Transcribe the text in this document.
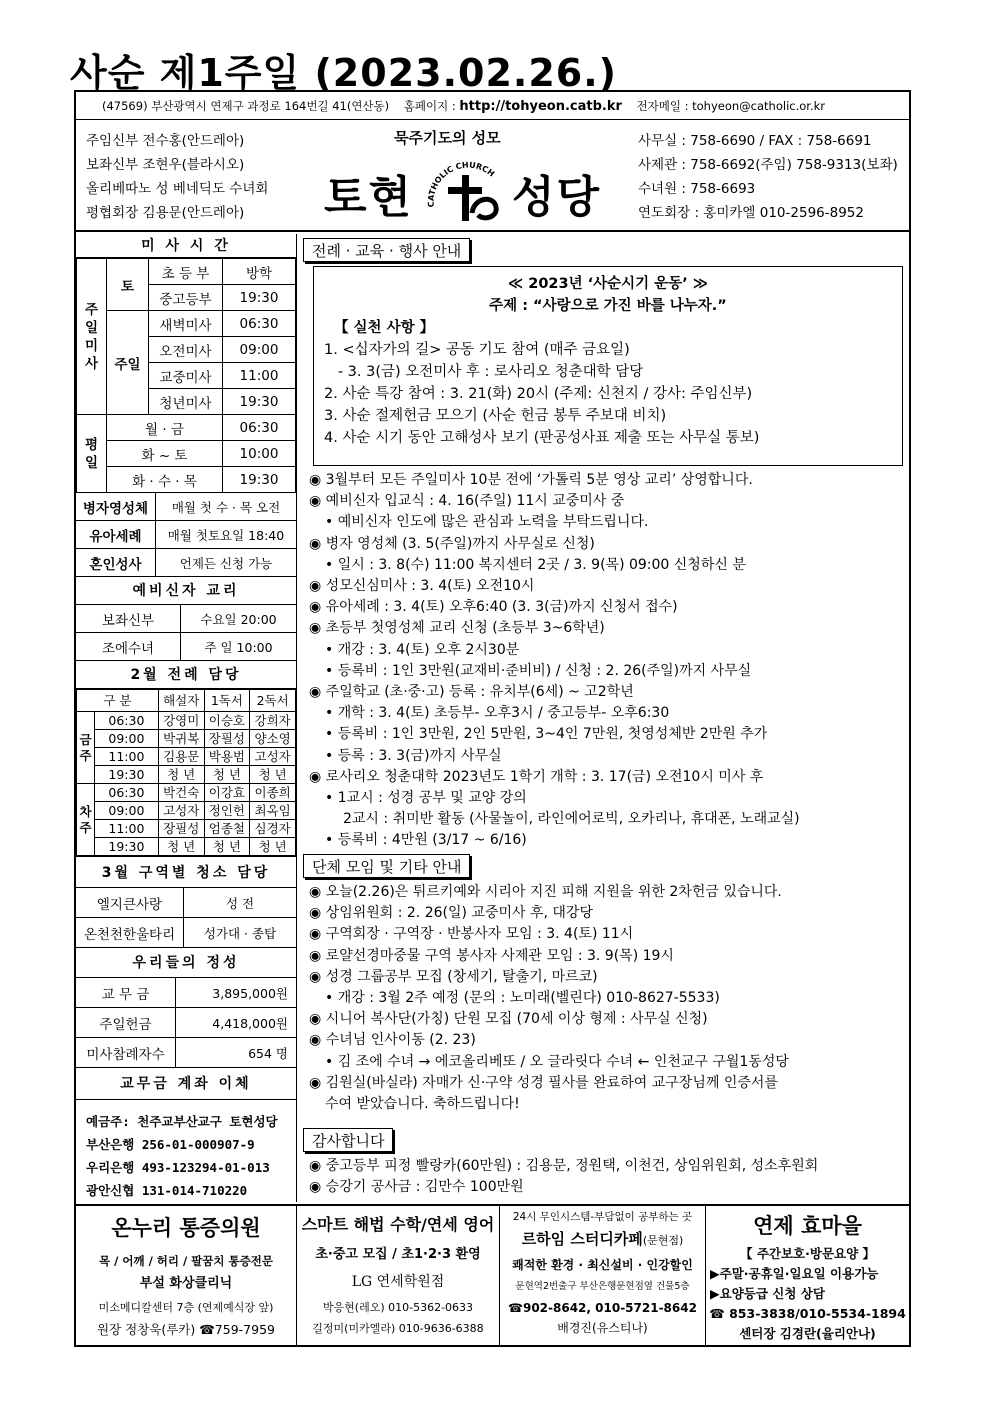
사순 제1주일 (2023.02.26.)
(47569) 부산광역시 연제구 과정로 164번길 41(연산동) 홈페이지 : http://tohyeon.catb.kr 전자메일 : tohyeon@catholic.or.kr
주임신부 전수홍(안드레아)
보좌신부 조현우(블라시오)
올리베따노 성 베네딕도 수녀회
평협회장 김용문(안드레아)
묵주기도의 성모
토현 CATHOLIC CHURCH 성당
사무실 : 758-6690 / FAX : 758-6691
사제관 : 758-6692(주임) 758-9313(보좌)
수녀원 : 758-6693
연도회장 : 홍미카엘 010-2596-8952
미 사 시 간
주
일
미
사	토	초 등 부	방학
		중고등부	19:30
	주일	새벽미사	06:30
		오전미사	09:00
		교중미사	11:00
		청년미사	19:30
평
일	월 · 금		06:30
	화 ~ 토		10:00
	화 · 수 · 목		19:30
병자영성체	매월 첫 수 · 목 오전
유아세례	매월 첫토요일 18:40
혼인성사	언제든 신청 가능
예비신자 교리
보좌신부	수요일 20:00
조에수녀	주 일 10:00
2월 전례 담당
구 분		해설자	1독서	2독서
금
주	06:30	강영미	이승호	강희자
	09:00	박귀복	장필성	양소영
	11:00	김용문	박용범	고성자
	19:30	청 년	청 년	청 년
차
주	06:30	박건숙	이강효	이종희
	09:00	고성자	정인헌	최옥임
	11:00	장필성	엄종철	심경자
	19:30	청 년	청 년	청 년
3월 구역별 청소 담당
엘지큰사랑	성 전
온천천한울타리	성가대 · 종탑
우리들의 정성
교 무 금	3,895,000원
주일헌금	4,418,000원
미사참례자수	654 명
교무금 계좌 이체
예금주: 천주교부산교구 토현성당
부산은행 256-01-000907-9
우리은행 493-123294-01-013
광안신협 131-014-710220
전례 · 교육 · 행사 안내
≪ 2023년 ‘사순시기 운동’ ≫
주제 : “사랑으로 가진 바를 나누자.”
【 실천 사항 】
1. <십자가의 길> 공동 기도 참여 (매주 금요일)
- 3. 3(금) 오전미사 후 : 로사리오 청춘대학 담당
2. 사순 특강 참여 : 3. 21(화) 20시 (주제: 신천지 / 강사: 주임신부)
3. 사순 절제헌금 모으기 (사순 헌금 봉투 주보대 비치)
4. 사순 시기 동안 고해성사 보기 (판공성사표 제출 또는 사무실 통보)
◉ 3월부터 모든 주일미사 10분 전에 ‘가톨릭 5분 영상 교리’ 상영합니다.
◉ 예비신자 입교식 : 4. 16(주일) 11시 교중미사 중
• 예비신자 인도에 많은 관심과 노력을 부탁드립니다.
◉ 병자 영성체 (3. 5(주일)까지 사무실로 신청)
• 일시 : 3. 8(수) 11:00 복지센터 2곳 / 3. 9(목) 09:00 신청하신 분
◉ 성모신심미사 : 3. 4(토) 오전10시
◉ 유아세례 : 3. 4(토) 오후6:40 (3. 3(금)까지 신청서 접수)
◉ 초등부 첫영성체 교리 신청 (초등부 3~6학년)
• 개강 : 3. 4(토) 오후 2시30분
• 등록비 : 1인 3만원(교재비·준비비) / 신청 : 2. 26(주일)까지 사무실
◉ 주일학교 (초·중·고) 등록 : 유치부(6세) ~ 고2학년
• 개학 : 3. 4(토) 초등부- 오후3시 / 중고등부- 오후6:30
• 등록비 : 1인 3만원, 2인 5만원, 3~4인 7만원, 첫영성체반 2만원 추가
• 등록 : 3. 3(금)까지 사무실
◉ 로사리오 청춘대학 2023년도 1학기 개학 : 3. 17(금) 오전10시 미사 후
• 1교시 : 성경 공부 및 교양 강의
2교시 : 취미반 활동 (사물놀이, 라인에어로빅, 오카리나, 휴대폰, 노래교실)
• 등록비 : 4만원 (3/17 ~ 6/16)
단체 모임 및 기타 안내
◉ 오늘(2.26)은 튀르키예와 시리아 지진 피해 지원을 위한 2차헌금 있습니다.
◉ 상임위원회 : 2. 26(일) 교중미사 후, 대강당
◉ 구역회장 · 구역장 · 반봉사자 모임 : 3. 4(토) 11시
◉ 로얄선경마중물 구역 봉사자 사제관 모임 : 3. 9(목) 19시
◉ 성경 그룹공부 모집 (창세기, 탈출기, 마르코)
• 개강 : 3월 2주 예정 (문의 : 노미래(벨린다) 010-8627-5533)
◉ 시니어 복사단(가칭) 단원 모집 (70세 이상 형제 : 사무실 신청)
◉ 수녀님 인사이동 (2. 23)
• 김 조에 수녀 → 에코올리베또 / 오 글라릿다 수녀 ← 인천교구 구월1동성당
◉ 김원실(바실라) 자매가 신·구약 성경 필사를 완료하여 교구장님께 인증서를
수여 받았습니다. 축하드립니다!
감사합니다
◉ 중고등부 피정 빨랑카(60만원) : 김용문, 정원택, 이천건, 상임위원회, 성소후원회
◉ 승강기 공사금 : 김만수 100만원
온누리 통증의원
목 / 어깨 / 허리 / 팔꿈치 통증전문
부설 화상클리닉
미소메디칼센터 7층 (연제예식장 앞)
원장 정창욱(루카) ☎759-7959
스마트 해법 수학/연세 영어
초·중고 모집 / 초1·2·3 환영
LG 연세학원점
박응현(레오) 010-5362-0633
길정미(미카엘라) 010-9636-6388
24시 무인시스템-부담없이 공부하는 곳
르하임 스터디카페(문현점)
쾌적한 환경 · 최신설비 · 인강할인
문현역2번출구 부산은행문현점옆 건물5층
☎902-8642, 010-5721-8642
배경진(유스티나)
연제 효마을
【 주간보호·방문요양 】
▶주말·공휴일·일요일 이용가능
▶요양등급 신청 상담
☎ 853-3838/010-5534-1894
센터장 김경란(율리안나)
